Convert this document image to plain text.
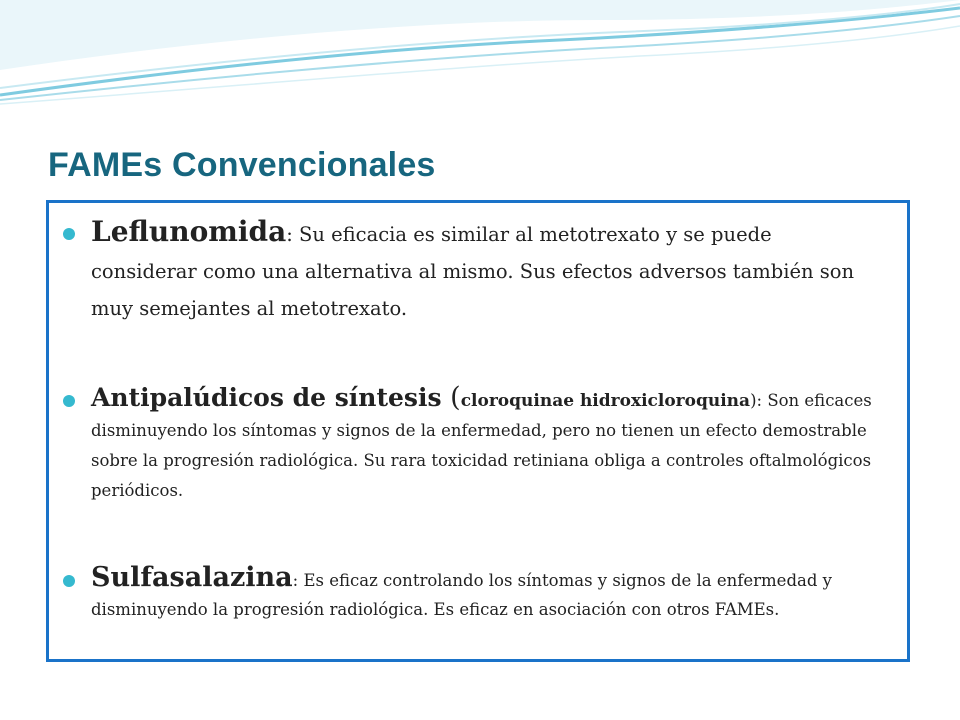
FAMEs Convencionales
Leflunomida: Su eficacia es similar al metotrexato y se puede considerar como una alternativa al mismo. Sus efectos adversos también son muy semejantes al metotrexato.
Antipalúdicos de síntesis (cloroquinae hidroxicloroquina): Son eficaces disminuyendo los síntomas y signos de la enfermedad, pero no tienen un efecto demostrable sobre la progresión radiológica. Su rara toxicidad retiniana obliga a controles oftalmológicos periódicos.
Sulfasalazina: Es eficaz controlando los síntomas y signos de la enfermedad y disminuyendo la progresión radiológica. Es eficaz en asociación con otros FAMEs.
